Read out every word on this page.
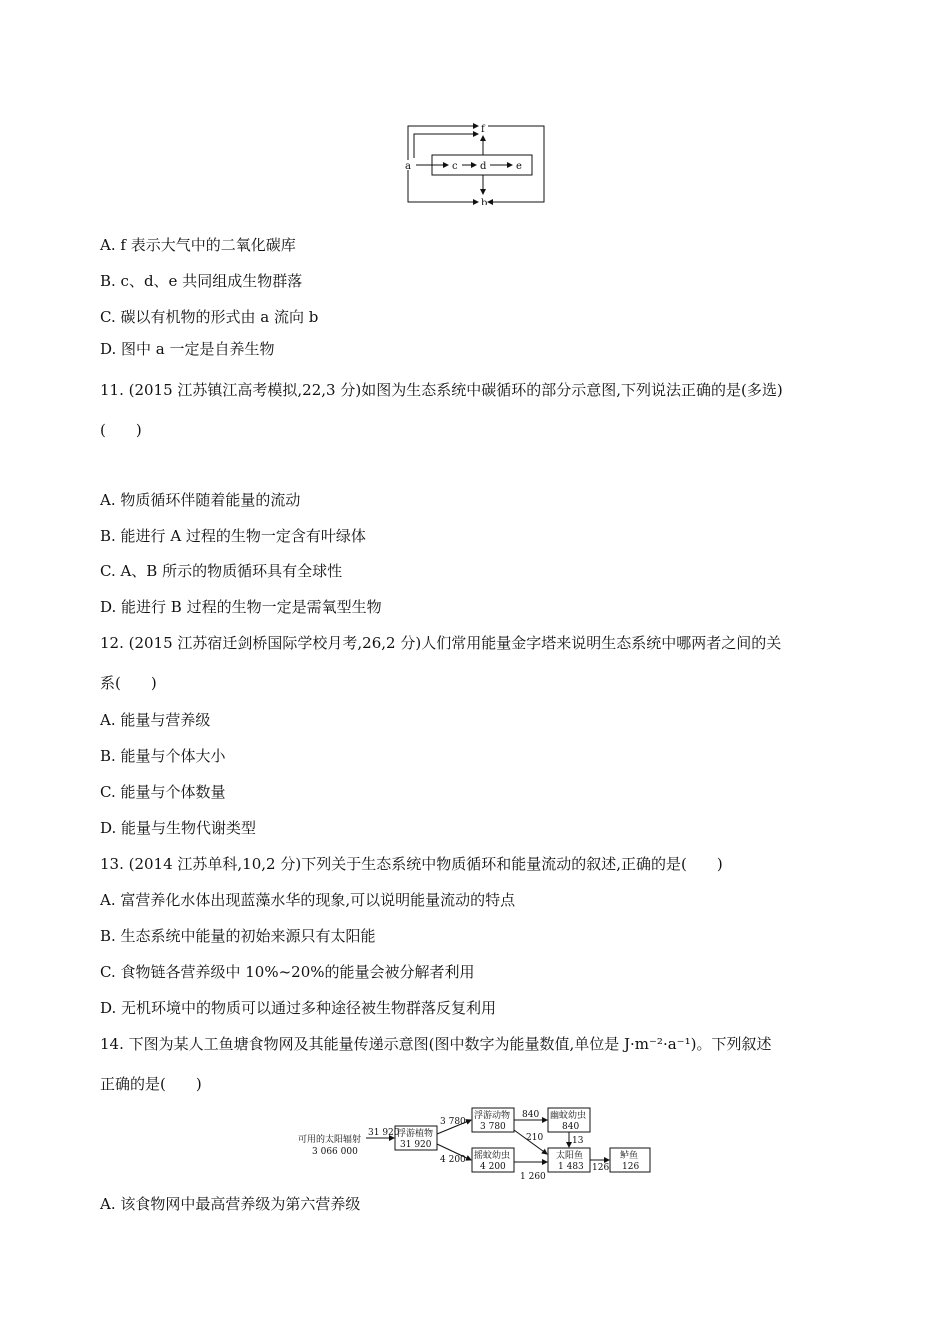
f
a	c d	e
b
A. f 表示大气中的二氧化碳库
B. c、d、e 共同组成生物群落
C. 碳以有机物的形式由 a 流向 b
D. 图中 a 一定是自养生物
11. (2015 江苏镇江高考模拟,22,3 分)如图为生态系统中碳循环的部分示意图,下列说法正确的是(多选)
(　　)
A. 物质循环伴随着能量的流动
B. 能进行 A 过程的生物一定含有叶绿体
C. A、B 所示的物质循环具有全球性
D. 能进行 B 过程的生物一定是需氧型生物
12. (2015 江苏宿迁剑桥国际学校月考,26,2 分)人们常用能量金字塔来说明生态系统中哪两者之间的关
系(　　)
A. 能量与营养级
B. 能量与个体大小
C. 能量与个体数量
D. 能量与生物代谢类型
13. (2014 江苏单科,10,2 分)下列关于生态系统中物质循环和能量流动的叙述,正确的是(　　)
A. 富营养化水体出现蓝藻水华的现象,可以说明能量流动的特点
B. 生态系统中能量的初始来源只有太阳能
C. 食物链各营养级中 10%~20%的能量会被分解者利用
D. 无机环境中的物质可以通过多种途径被生物群落反复利用
14. 下图为某人工鱼塘食物网及其能量传递示意图(图中数字为能量数值,单位是 J·m⁻²·a⁻¹)。下列叙述
正确的是(　　)
可用的太阳辐射
3 066 000
31 920
浮游植物
31 920
浮游动物
3 780
摇蚊幼虫
4 200
幽蚊幼虫
840
太阳鱼
1 483
鲈鱼
126
3 780
4 200
840
210	13
1 260
126
A. 该食物网中最高营养级为第六营养级
